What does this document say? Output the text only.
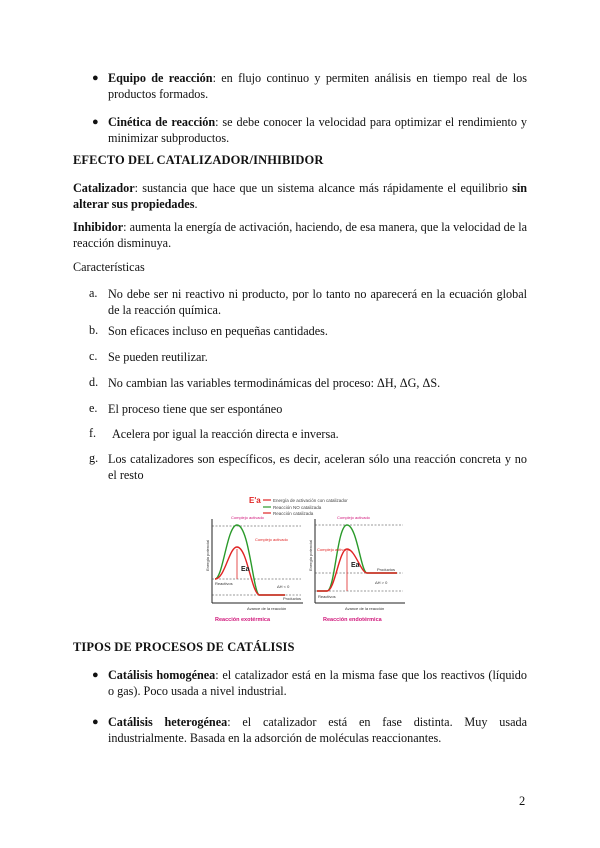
● Equipo de reacción: en flujo continuo y permiten análisis en tiempo real de los productos formados.
● Cinética de reacción: se debe conocer la velocidad para optimizar el rendimiento y minimizar subproductos.
EFECTO DEL CATALIZADOR/INHIBIDOR
Catalizador: sustancia que hace que un sistema alcance más rápidamente el equilibrio sin alterar sus propiedades.
Inhibidor: aumenta la energía de activación, haciendo, de esa manera, que la velocidad de la reacción disminuya.
Características
a. No debe ser ni reactivo ni producto, por lo tanto no aparecerá en la ecuación global de la reacción química.
b. Son eficaces incluso en pequeñas cantidades.
c. Se pueden reutilizar.
d. No cambian las variables termodinámicas del proceso: ΔH, ΔG, ΔS.
e. El proceso tiene que ser espontáneo
f. Acelera por igual la reacción directa e inversa.
g. Los catalizadores son específicos, es decir, aceleran sólo una reacción concreta y no el resto
E'a	Energía de activación con catalizador
Reacción NO catalizada
Reacción catalizada
Energía potencial	Ea
Complejo activado
Complejo activado
Reactivos
Productos
ΔH < 0
Avance de la reacción
Reacción exotérmica
Energía potencial	Ea
Complejo activado
Complejo activado
Reactivos
Productos
ΔH > 0
Avance de la reacción
Reacción endotérmica
TIPOS DE PROCESOS DE CATÁLISIS
● Catálisis homogénea: el catalizador está en la misma fase que los reactivos (líquido o gas). Poco usada a nivel industrial.
● Catálisis heterogénea: el catalizador está en fase distinta. Muy usada industrialmente. Basada en la adsorción de moléculas reaccionantes.
2
